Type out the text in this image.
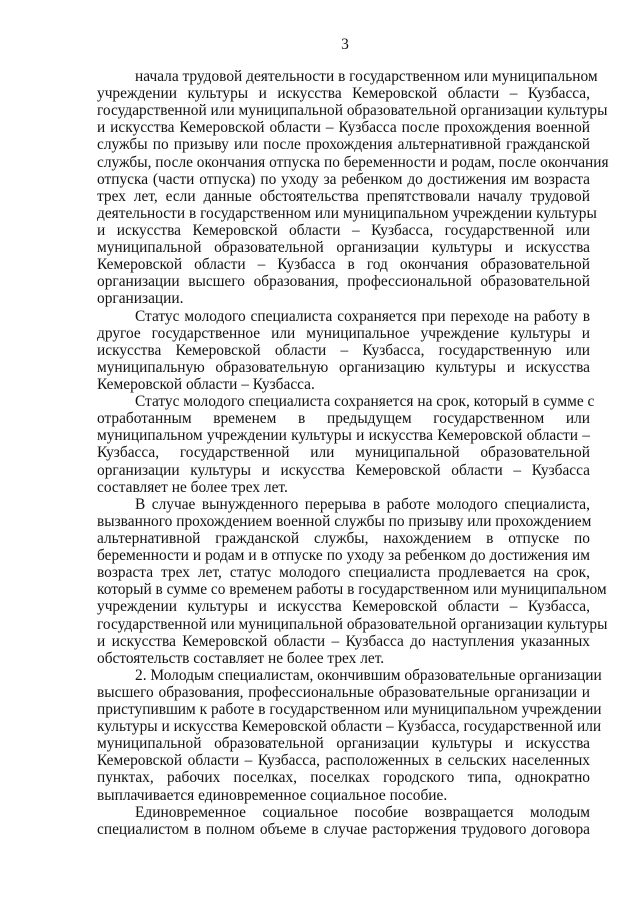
3
начала трудовой деятельности в государственном или муниципальном
учреждении культуры и искусства Кемеровской области – Кузбасса,
государственной или муниципальной образовательной организации культуры
и искусства Кемеровской области – Кузбасса после прохождения военной
службы по призыву или после прохождения альтернативной гражданской
службы, после окончания отпуска по беременности и родам, после окончания
отпуска (части отпуска) по уходу за ребенком до достижения им возраста
трех лет, если данные обстоятельства препятствовали началу трудовой
деятельности в государственном или муниципальном учреждении культуры
и искусства Кемеровской области – Кузбасса, государственной или
муниципальной образовательной организации культуры и искусства
Кемеровской области – Кузбасса в год окончания образовательной
организации высшего образования, профессиональной образовательной
организации.
Статус молодого специалиста сохраняется при переходе на работу в
другое государственное или муниципальное учреждение культуры и
искусства Кемеровской области – Кузбасса, государственную или
муниципальную образовательную организацию культуры и искусства
Кемеровской области – Кузбасса.
Статус молодого специалиста сохраняется на срок, который в сумме с
отработанным временем в предыдущем государственном или
муниципальном учреждении культуры и искусства Кемеровской области –
Кузбасса, государственной или муниципальной образовательной
организации культуры и искусства Кемеровской области – Кузбасса
составляет не более трех лет.
В случае вынужденного перерыва в работе молодого специалиста,
вызванного прохождением военной службы по призыву или прохождением
альтернативной гражданской службы, нахождением в отпуске по
беременности и родам и в отпуске по уходу за ребенком до достижения им
возраста трех лет, статус молодого специалиста продлевается на срок,
который в сумме со временем работы в государственном или муниципальном
учреждении культуры и искусства Кемеровской области – Кузбасса,
государственной или муниципальной образовательной организации культуры
и искусства Кемеровской области – Кузбасса до наступления указанных
обстоятельств составляет не более трех лет.
2. Молодым специалистам, окончившим образовательные организации
высшего образования, профессиональные образовательные организации и
приступившим к работе в государственном или муниципальном учреждении
культуры и искусства Кемеровской области – Кузбасса, государственной или
муниципальной образовательной организации культуры и искусства
Кемеровской области – Кузбасса, расположенных в сельских населенных
пунктах, рабочих поселках, поселках городского типа, однократно
выплачивается единовременное социальное пособие.
Единовременное социальное пособие возвращается молодым
специалистом в полном объеме в случае расторжения трудового договора
